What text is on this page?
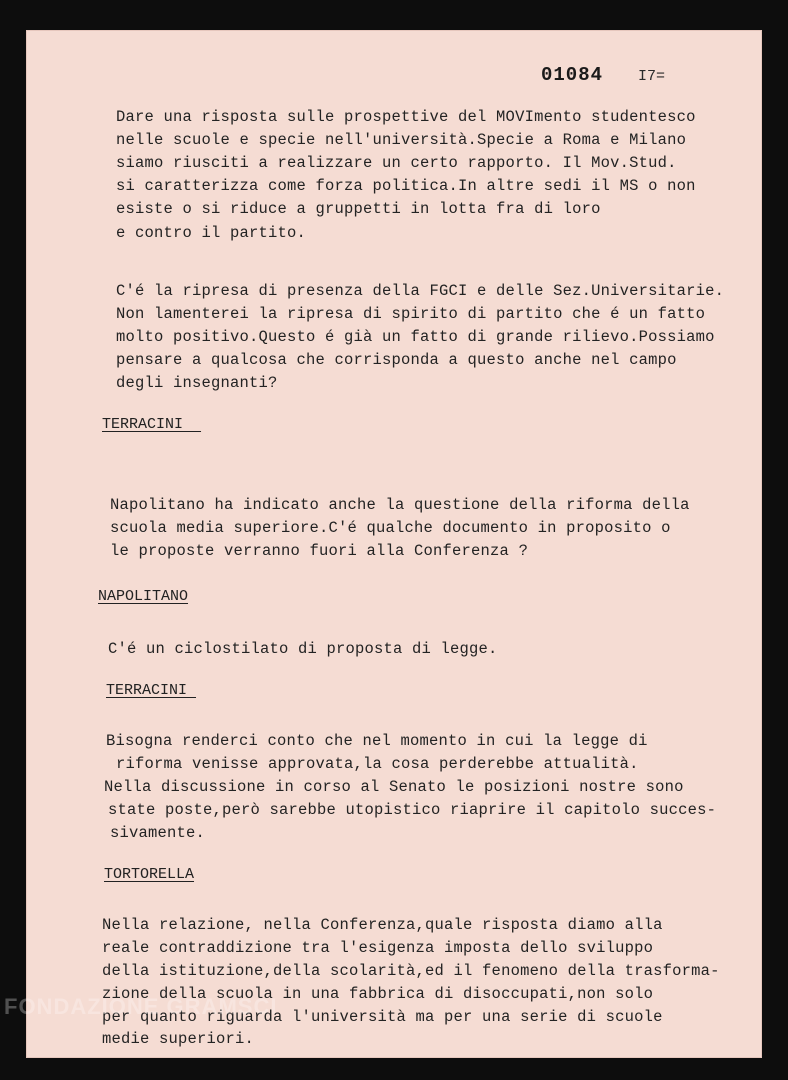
01084 I7=
Dare una risposta sulle prospettive del MOVImento studentesco
nelle scuole e specie nell'università.Specie a Roma e Milano
siamo riusciti a realizzare un certo rapporto. Il Mov.Stud.
si caratterizza come forza politica.In altre sedi il MS o non
esiste o si riduce a gruppetti in lotta fra di loro
e contro il partito.
C'é la ripresa di presenza della FGCI e delle Sez.Universitarie.
Non lamenterei la ripresa di spirito di partito che é un fatto
molto positivo.Questo é già un fatto di grande rilievo.Possiamo
pensare a qualcosa che corrisponda a questo anche nel campo
degli insegnanti?
TERRACINI
Napolitano ha indicato anche la questione della riforma della
scuola media superiore.C'é qualche documento in proposito o
le proposte verranno fuori alla Conferenza ?
NAPOLITANO
C'é un ciclostilato di proposta di legge.
TERRACINI
Bisogna renderci conto che nel momento in cui la legge di
riforma venisse approvata,la cosa perderebbe attualità.
Nella discussione in corso al Senato le posizioni nostre sono
state poste,però sarebbe utopistico riaprire il capitolo succes-
sivamente.
TORTORELLA
Nella relazione, nella Conferenza,quale risposta diamo alla
reale contraddizione tra l'esigenza imposta dello sviluppo
della istituzione,della scolarità,ed il fenomeno della trasforma-
zione della scuola in una fabbrica di disoccupati,non solo
per quanto riguarda l'università ma per una serie di scuole
medie superiori.
FONDAZIONE GRAMSCI
